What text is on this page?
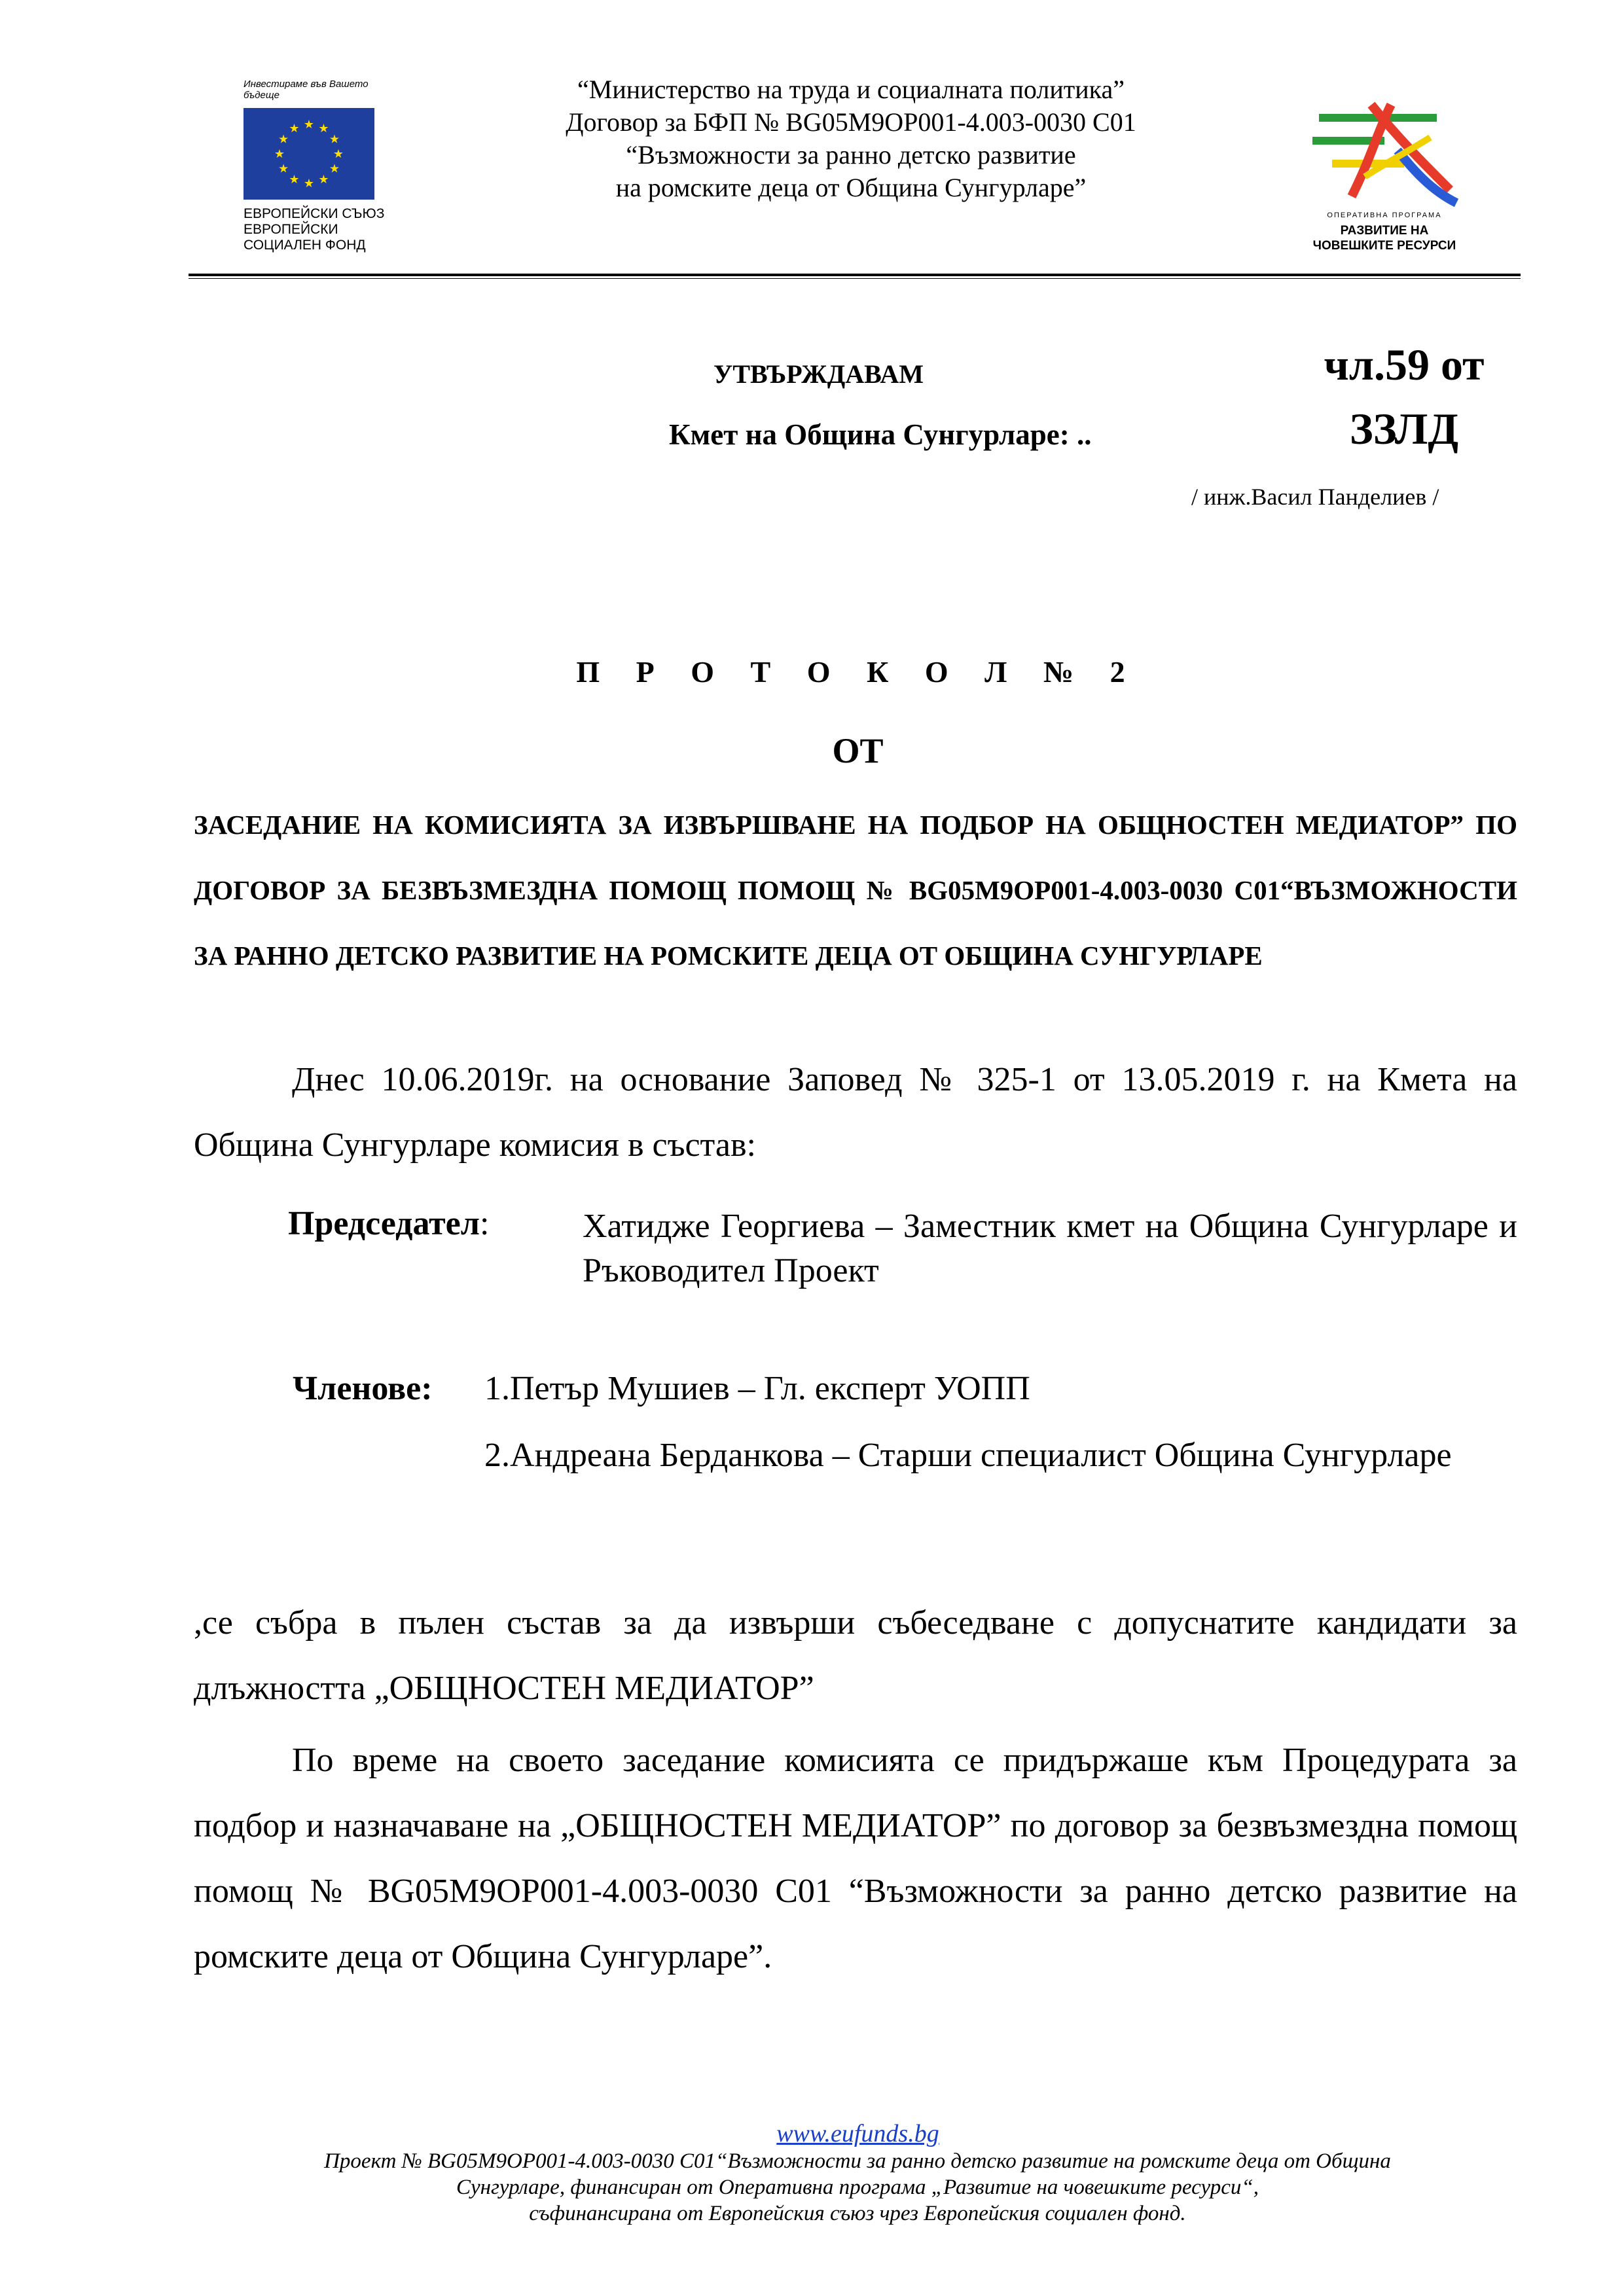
Инвестираме във Вашето бъдеще
★
★
★
★
★
★
★
★
★ ★ ★
★
ЕВРОПЕЙСКИ СЪЮЗ
ЕВРОПЕЙСКИ
СОЦИАЛЕН ФОНД
“Министерство на труда и социалната политика”
Договор за БФП № BG05M9OP001-4.003-0030 C01
“Възможности за ранно детско развитие
на ромските деца от Община Сунгурларе”
ОПЕРАТИВНА ПРОГРАМА
РАЗВИТИЕ НА
ЧОВЕШКИТЕ РЕСУРСИ
УТВЪРЖДАВАМ
Кмет на Община Сунгурларе: ..
чл.59 от
ЗЗЛД
/ инж.Васил Панделиев /
П Р О Т О К О Л № 2
ОТ
ЗАСЕДАНИЕ НА КОМИСИЯТА ЗА ИЗВЪРШВАНЕ НА ПОДБОР НА ОБЩНОСТЕН МЕДИАТОР” ПО ДОГОВОР ЗА БЕЗВЪЗМЕЗДНА ПОМОЩ ПОМОЩ № BG05M9OP001-4.003-0030 C01“ВЪЗМОЖНОСТИ ЗА РАННО ДЕТСКО РАЗВИТИЕ НА РОМСКИТЕ ДЕЦА ОТ ОБЩИНА СУНГУРЛАРЕ
Днес 10.06.2019г. на основание Заповед № 325-1 от 13.05.2019 г. на Кмета на Община Сунгурларе комисия в състав:
Председател:	Хатидже Георгиева – Заместник кмет на Община Сунгурларе и Ръководител Проект
Членове: 1.Петър Мушиев – Гл. експерт УОПП
2.Андреана Берданкова – Старши специалист Община Сунгурларе
,се събра в пълен състав за да извърши събеседване с допуснатите кандидати за длъжността „ОБЩНОСТЕН МЕДИАТОР”
По време на своето заседание комисията се придържаше към Процедурата за подбор и назначаване на „ОБЩНОСТЕН МЕДИАТОР” по договор за безвъзмездна помощ помощ № BG05M9OP001-4.003-0030 C01 “Възможности за ранно детско развитие на ромските деца от Община Сунгурларе”.
www.eufunds.bg
Проект № BG05M9OP001-4.003-0030 C01“Възможности за ранно детско развитие на ромските деца от Община
Сунгурларе, финансиран от Оперативна програма „Развитие на човешките ресурси“,
съфинансирана от Европейския съюз чрез Европейския социален фонд.
